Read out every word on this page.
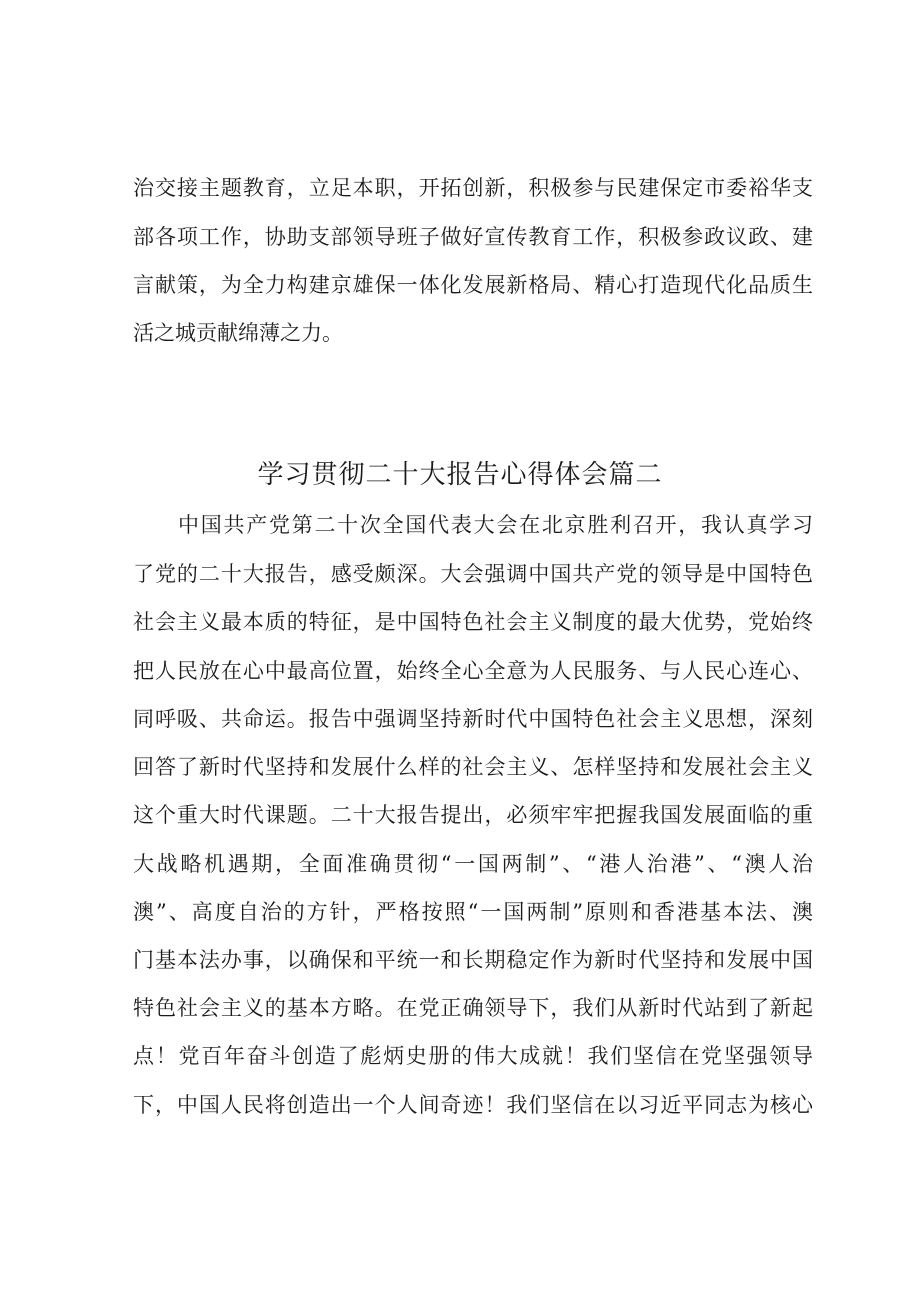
治交接主题教育，立足本职，开拓创新，积极参与民建保定市委裕华支
部各项工作，协助支部领导班子做好宣传教育工作，积极参政议政、建
言献策，为全力构建京雄保一体化发展新格局、精心打造现代化品质生
活之城贡献绵薄之力。
学习贯彻二十大报告心得体会篇二
中国共产党第二十次全国代表大会在北京胜利召开，我认真学习
了党的二十大报告，感受颇深。大会强调中国共产党的领导是中国特色
社会主义最本质的特征，是中国特色社会主义制度的最大优势，党始终
把人民放在心中最高位置，始终全心全意为人民服务、与人民心连心、
同呼吸、共命运。报告中强调坚持新时代中国特色社会主义思想，深刻
回答了新时代坚持和发展什么样的社会主义、怎样坚持和发展社会主义
这个重大时代课题。二十大报告提出，必须牢牢把握我国发展面临的重
大战略机遇期，全面准确贯彻“一国两制”、“港人治港”、“澳人治
澳”、高度自治的方针，严格按照“一国两制”原则和香港基本法、澳
门基本法办事，以确保和平统一和长期稳定作为新时代坚持和发展中国
特色社会主义的基本方略。在党正确领导下，我们从新时代站到了新起
点！党百年奋斗创造了彪炳史册的伟大成就！我们坚信在党坚强领导
下，中国人民将创造出一个人间奇迹！我们坚信在以习近平同志为核心
